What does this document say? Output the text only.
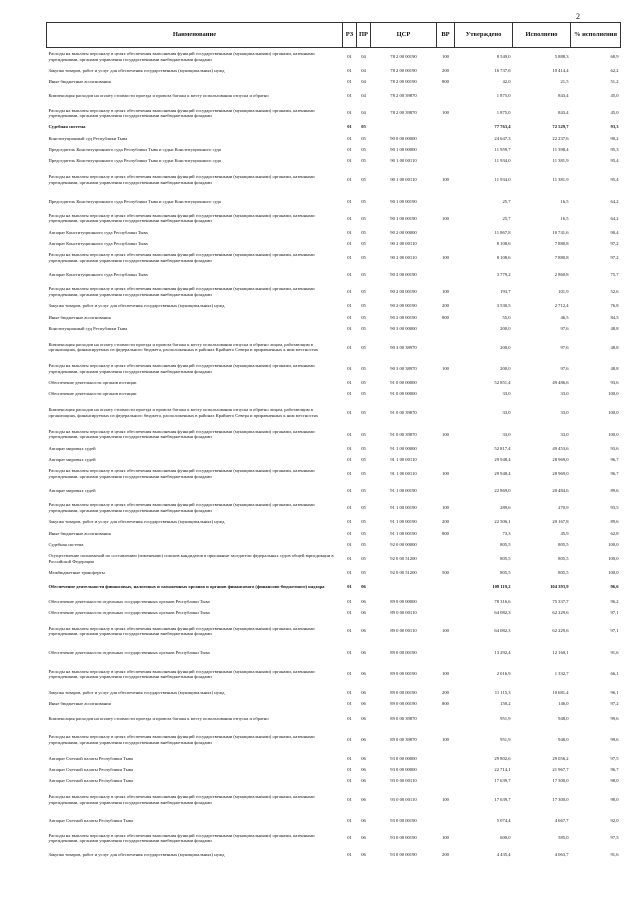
2
Наименование	РЗ	ПР	ЦСР	ВР	Утверждено	Исполнено	% исполнения
Расходы на выплаты персоналу в целях обеспечения выполнения функций государственными (муниципальными) органами, казенными учреждениями, органами управления государственными внебюджетными фондами	01	04	78 2 00 00190	100	8 549,0	5 888,3	68,9
Закупка товаров, работ и услуг для обеспечения государственных (муниципальных) нужд	01	04	78 2 00 00190	200	16 737,6	10 414,4	62,2
Иные бюджетные ассигнования	01	04	78 2 00 00190	800	42,0	21,5	51,2
Компенсация расходов на оплату стоимости проезда и провоза багажа к месту использования отпуска и обратно	01	04	78 2 00 39870		1 875,0	843,4	45,0
Расходы на выплаты персоналу в целях обеспечения выполнения функций государственными (муниципальными) органами, казенными учреждениями, органами управления государственными внебюджетными фондами	01	04	78 2 00 39870	100	1 875,0	843,4	45,0
Судебная система	01	05			77 763,4	72 529,7	93,3
Конституционный суд Республики Тыва	01	05	90 0 00 00000		24 647,3	22 237,6	90,2
Председатель Конституционного суда Республики Тыва и судьи Конституционного суда	01	05	90 1 00 00000		11 959,7	11 398,4	95,3
Председатель Конституционного суда Республики Тыва и судьи Конституционного суда	01	05	90 1 00 00110		11 934,0	11 381,9	95,4
Расходы на выплаты персоналу в целях обеспечения выполнения функций государственными (муниципальными) органами, казенными учреждениями, органами управления государственными внебюджетными фондами	01	05	90 1 00 00110	100	11 934,0	11 381,9	95,4
Председатель Конституционного суда Республики Тыва и судьи Конституционного суда	01	05	90 1 00 00190		25,7	16,5	64,2
Расходы на выплаты персоналу в целях обеспечения выполнения функций государственными (муниципальными) органами, казенными учреждениями, органами управления государственными внебюджетными фондами	01	05	90 1 00 00190	100	25,7	16,5	64,2
Аппарат Конституционного суда Республики Тыва	01	05	90 2 00 00000		11 867,8	10 741,6	90,4
Аппарат Конституционного суда Республики Тыва	01	05	90 2 00 00110		8 108,6	7 880,8	97,2
Расходы на выплаты персоналу в целях обеспечения выполнения функций государственными (муниципальными) органами, казенными учреждениями, органами управления государственными внебюджетными фондами	01	05	90 2 00 00110	100	8 108,6	7 880,8	97,2
Аппарат Конституционного суда Республики Тыва	01	05	90 2 00 00190		3 779,2	2 860,8	75,7
Расходы на выплаты персоналу в целях обеспечения выполнения функций государственными (муниципальными) органами, казенными учреждениями, органами управления государственными внебюджетными фондами	01	05	90 2 00 00190	100	193,7	101,9	52,6
Закупка товаров, работ и услуг для обеспечения государственных (муниципальных) нужд	01	05	90 2 00 00190	200	3 530,5	2 712,4	76,8
Иные бюджетные ассигнования	01	05	90 2 00 00190	800	55,0	46,5	84,5
Конституционный суд Республики Тыва	01	05	90 3 00 00000		200,0	97,6	48,8
Компенсация расходов на оплату стоимости проезда и провоза багажа к месту использования отпуска и обратно лицам, работающим в организациях, финансируемых из федерального бюджета, расположенных в районах Крайнего Севера и приравненных к ним местностях	01	05	90 3 00 38970		200,0	97,6	48,8
Расходы на выплаты персоналу в целях обеспечения выполнения функций государственными (муниципальными) органами, казенными учреждениями, органами управления государственными внебюджетными фондами	01	05	90 3 00 38970	100	200,0	97,6	48,8
Обеспечение деятельности органов юстиции	01	05	91 0 00 00000		52 851,4	49 486,6	93,6
Обеспечение деятельности органов юстиции	01	05	91 0 00 00000		33,0	33,0	100,0
Компенсация расходов на оплату стоимости проезда и провоза багажа к месту использования отпуска и обратно лицам, работающим в организациях, финансируемых из федерального бюджета, расположенных в районах Крайнего Севера и приравненных к ним местностях	01	05	91 0 00 39870		33,0	33,0	100,0
Расходы на выплаты персоналу в целях обеспечения выполнения функций государственными (муниципальными) органами, казенными учреждениями, органами управления государственными внебюджетными фондами	01	05	91 0 00 39870	100	33,0	33,0	100,0
Аппарат мировых судей	01	05	91 1 00 00000		52 817,4	49 453,6	93,6
Аппарат мировых судей	01	05	91 1 00 00110		29 948,4	28 969,0	96,7
Расходы на выплаты персоналу в целях обеспечения выполнения функций государственными (муниципальными) органами, казенными учреждениями, органами управления государственными внебюджетными фондами	01	05	91 1 00 00110	100	29 948,4	28 969,0	96,7
Аппарат мировых судей	01	05	91 1 00 00190		22 869,0	20 484,6	89,6
Расходы на выплаты персоналу в целях обеспечения выполнения функций государственными (муниципальными) органами, казенными учреждениями, органами управления государственными внебюджетными фондами	01	05	91 1 00 00190	100	289,6	270,9	93,5
Закупка товаров, работ и услуг для обеспечения государственных (муниципальных) нужд	01	05	91 1 00 00190	200	22 506,1	20 167,8	89,6
Иные бюджетные ассигнования	01	05	91 1 00 00190	800	73,3	45,9	62,8
Судебная система	01	05	92 0 00 00000		805,5	805,5	100,0
Осуществление полномочий по составлению (изменению) списков кандидатов в присяжные заседатели федеральных судов общей юрисдикции в Российской Федерации	01	05	92 0 00 51200		805,5	805,5	100,0
Межбюджетные трансферты	01	05	92 0 00 51200	500	805,5	805,5	100,0
Обеспечение деятельности финансовых, налоговых и таможенных органов и органов финансового (финансово-бюджетного) надзора	01	06			108 119,2	104 393,9	96,6
Обеспечение деятельности отдельных государственных органов Республики Тыва	01	06	89 0 00 00000		78 316,6	75 337,7	96,2
Обеспечение деятельности отдельных государственных органов Республики Тыва	01	06	89 0 00 00110		64 082,3	62 229,6	97,1
Расходы на выплаты персоналу в целях обеспечения выполнения функций государственными (муниципальными) органами, казенными учреждениями, органами управления государственными внебюджетными фондами	01	06	89 0 00 00110	100	64 082,3	62 229,6	97,1
Обеспечение деятельности отдельных государственных органов Республики Тыва	01	06	89 0 00 00190		13 292,4	12 160,1	91,6
Расходы на выплаты персоналу в целях обеспечения выполнения функций государственными (муниципальными) органами, казенными учреждениями, органами управления государственными внебюджетными фондами	01	06	89 0 00 00190	100	2 016,9	1 332,7	66,1
Закупка товаров, работ и услуг для обеспечения государственных (муниципальных) нужд	01	06	89 0 00 00190	200	11 115,3	10 681,4	96,1
Иные бюджетные ассигнования	01	06	89 0 00 00190	800	150,2	146,0	97,2
Компенсация расходов на оплату стоимости проезда и провоза багажа к месту использования отпуска и обратно	01	06	89 0 00 39870		951,9	948,0	99,6
Расходы на выплаты персоналу в целях обеспечения выполнения функций государственными (муниципальными) органами, казенными учреждениями, органами управления государственными внебюджетными фондами	01	06	89 0 00 39870	100	951,9	948,0	99,6
Аппарат Счетной палаты Республики Тыва	01	06	93 0 00 00000		29 802,6	29 056,2	97,5
Аппарат Счетной палаты Республики Тыва	01	06	93 0 00 00000		22 714,1	21 967,7	96,7
Аппарат Счетной палаты Республики Тыва	01	06	93 0 00 00110		17 639,7	17 300,0	98,0
Расходы на выплаты персоналу в целях обеспечения выполнения функций государственными (муниципальными) органами, казенными учреждениями, органами управления государственными внебюджетными фондами	01	06	93 0 00 00110	100	17 639,7	17 300,0	98,0
Аппарат Счетной палаты Республики Тыва	01	06	93 0 00 00190		5 074,4	4 667,7	92,0
Расходы на выплаты персоналу в целях обеспечения выполнения функций государственными (муниципальными) органами, казенными учреждениями, органами управления государственными внебюджетными фондами	01	06	93 0 00 00190	100	600,0	585,0	97,5
Закупка товаров, работ и услуг для обеспечения государственных (муниципальных) нужд	01	06	93 0 00 00190	200	4 435,4	4 063,7	91,6
